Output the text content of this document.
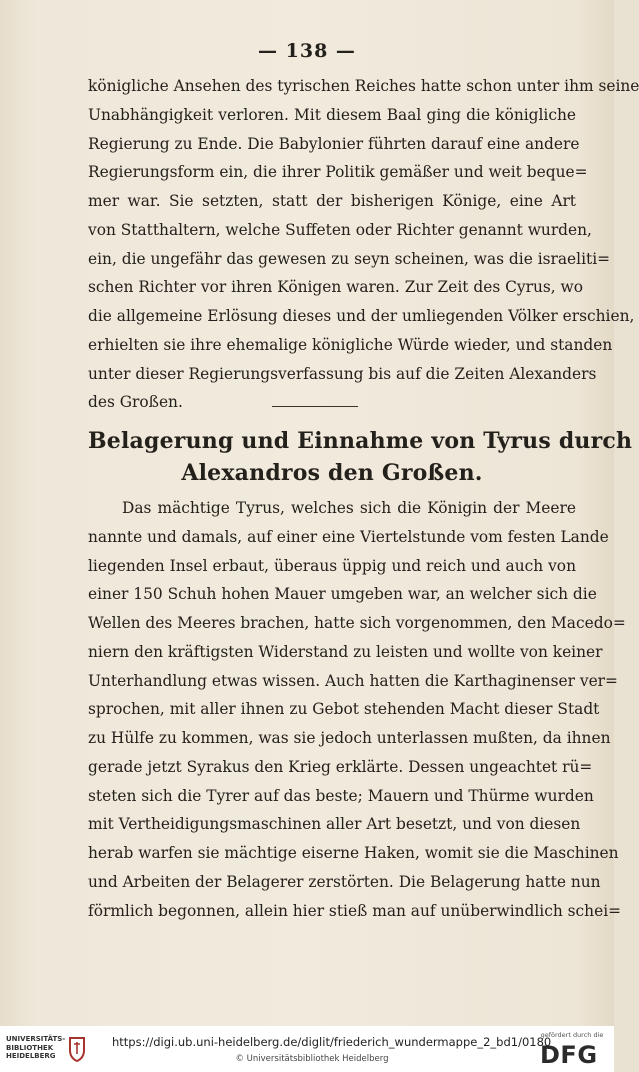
— 138 —
königliche Ansehen des tyrischen Reiches hatte schon unter ihm seine
Unabhängigkeit verloren. Mit diesem Baal ging die königliche
Regierung zu Ende. Die Babylonier führten darauf eine andere
Regierungsform ein, die ihrer Politik gemäßer und weit beque=
mer war. Sie setzten, statt der bisherigen Könige, eine Art
von Statthaltern, welche Suffeten oder Richter genannt wurden,
ein, die ungefähr das gewesen zu seyn scheinen, was die israeliti=
schen Richter vor ihren Königen waren. Zur Zeit des Cyrus, wo
die allgemeine Erlösung dieses und der umliegenden Völker erschien,
erhielten sie ihre ehemalige königliche Würde wieder, und standen
unter dieser Regierungsverfassung bis auf die Zeiten Alexanders
des Großen.
Belagerung und Einnahme von Tyrus durch
Alexandros den Großen.
Das mächtige Tyrus, welches sich die Königin der Meere
nannte und damals, auf einer eine Viertelstunde vom festen Lande
liegenden Insel erbaut, überaus üppig und reich und auch von
einer 150 Schuh hohen Mauer umgeben war, an welcher sich die
Wellen des Meeres brachen, hatte sich vorgenommen, den Macedo=
niern den kräftigsten Widerstand zu leisten und wollte von keiner
Unterhandlung etwas wissen. Auch hatten die Karthaginenser ver=
sprochen, mit aller ihnen zu Gebot stehenden Macht dieser Stadt
zu Hülfe zu kommen, was sie jedoch unterlassen mußten, da ihnen
gerade jetzt Syrakus den Krieg erklärte. Dessen ungeachtet rü=
steten sich die Tyrer auf das beste; Mauern und Thürme wurden
mit Vertheidigungsmaschinen aller Art besetzt, und von diesen
herab warfen sie mächtige eiserne Haken, womit sie die Maschinen
und Arbeiten der Belagerer zerstörten. Die Belagerung hatte nun
förmlich begonnen, allein hier stieß man auf unüberwindlich schei=
UNIVERSITÄTS-
BIBLIOTHEK
HEIDELBERG
https://digi.ub.uni-heidelberg.de/diglit/friederich_wundermappe_2_bd1/0180
© Universitätsbibliothek Heidelberg
gefördert durch die
DFG
